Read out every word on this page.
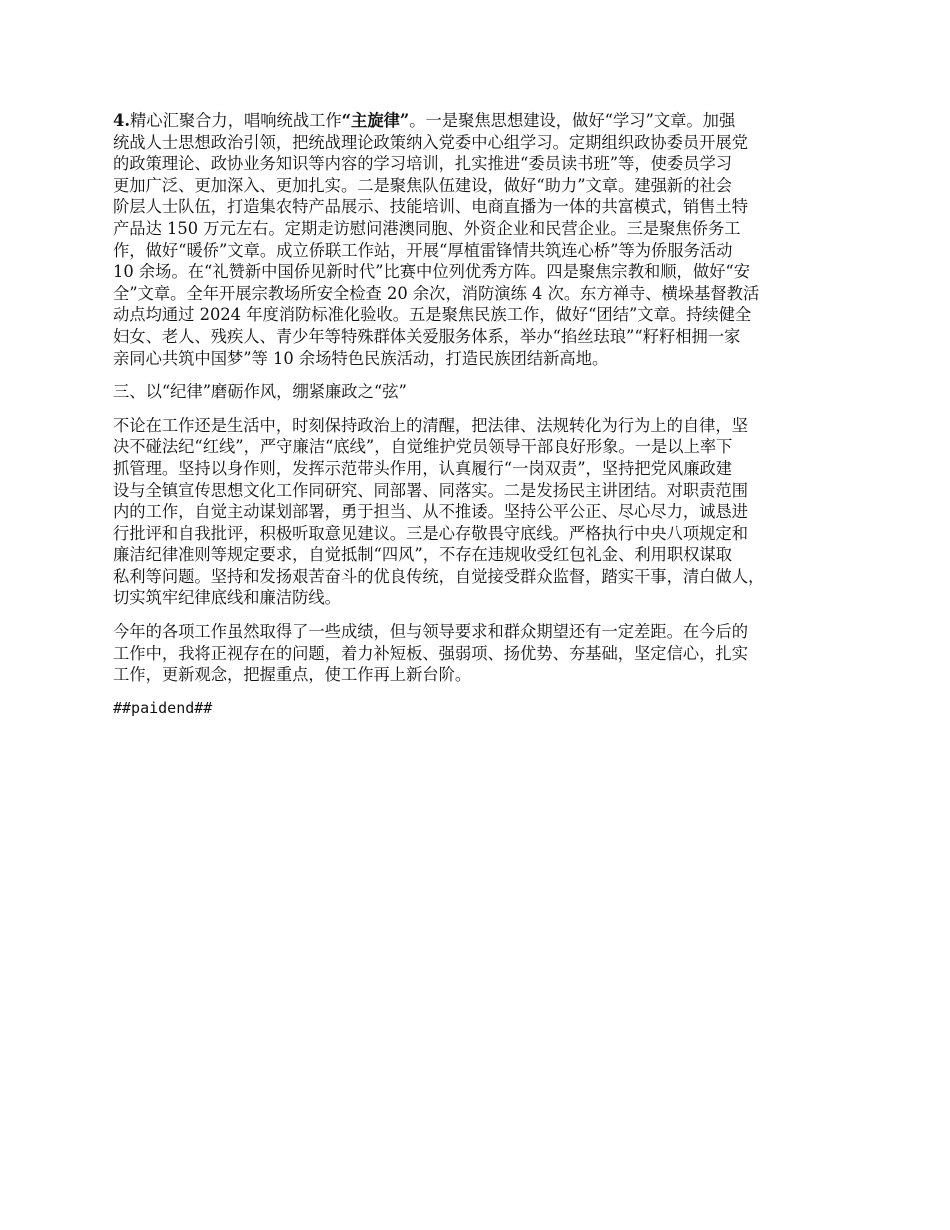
4.精心汇聚合力，唱响统战工作“主旋律”。一是聚焦思想建设，做好“学习”文章。加强
统战人士思想政治引领，把统战理论政策纳入党委中心组学习。定期组织政协委员开展党
的政策理论、政协业务知识等内容的学习培训，扎实推进“委员读书班”等，使委员学习
更加广泛、更加深入、更加扎实。二是聚焦队伍建设，做好“助力”文章。建强新的社会
阶层人士队伍，打造集农特产品展示、技能培训、电商直播为一体的共富模式，销售土特
产品达 150 万元左右。定期走访慰问港澳同胞、外资企业和民营企业。三是聚焦侨务工
作，做好“暖侨”文章。成立侨联工作站，开展“厚植雷锋情共筑连心桥”等为侨服务活动
10 余场。在“礼赞新中国侨见新时代”比赛中位列优秀方阵。四是聚焦宗教和顺，做好“安
全”文章。全年开展宗教场所安全检查 20 余次，消防演练 4 次。东方禅寺、横垛基督教活
动点均通过 2024 年度消防标准化验收。五是聚焦民族工作，做好“团结”文章。持续健全
妇女、老人、残疾人、青少年等特殊群体关爱服务体系，举办“掐丝珐琅”“籽籽相拥一家
亲同心共筑中国梦”等 10 余场特色民族活动，打造民族团结新高地。
三、以“纪律”磨砺作风，绷紧廉政之“弦”
不论在工作还是生活中，时刻保持政治上的清醒，把法律、法规转化为行为上的自律，坚
决不碰法纪“红线”，严守廉洁“底线”，自觉维护党员领导干部良好形象。一是以上率下
抓管理。坚持以身作则，发挥示范带头作用，认真履行“一岗双责”，坚持把党风廉政建
设与全镇宣传思想文化工作同研究、同部署、同落实。二是发扬民主讲团结。对职责范围
内的工作，自觉主动谋划部署，勇于担当、从不推诿。坚持公平公正、尽心尽力，诚恳进
行批评和自我批评，积极听取意见建议。三是心存敬畏守底线。严格执行中央八项规定和
廉洁纪律准则等规定要求，自觉抵制“四风”，不存在违规收受红包礼金、利用职权谋取
私利等问题。坚持和发扬艰苦奋斗的优良传统，自觉接受群众监督，踏实干事，清白做人，
切实筑牢纪律底线和廉洁防线。
今年的各项工作虽然取得了一些成绩，但与领导要求和群众期望还有一定差距。在今后的
工作中，我将正视存在的问题，着力补短板、强弱项、扬优势、夯基础，坚定信心，扎实
工作，更新观念，把握重点，使工作再上新台阶。
##paidend##
